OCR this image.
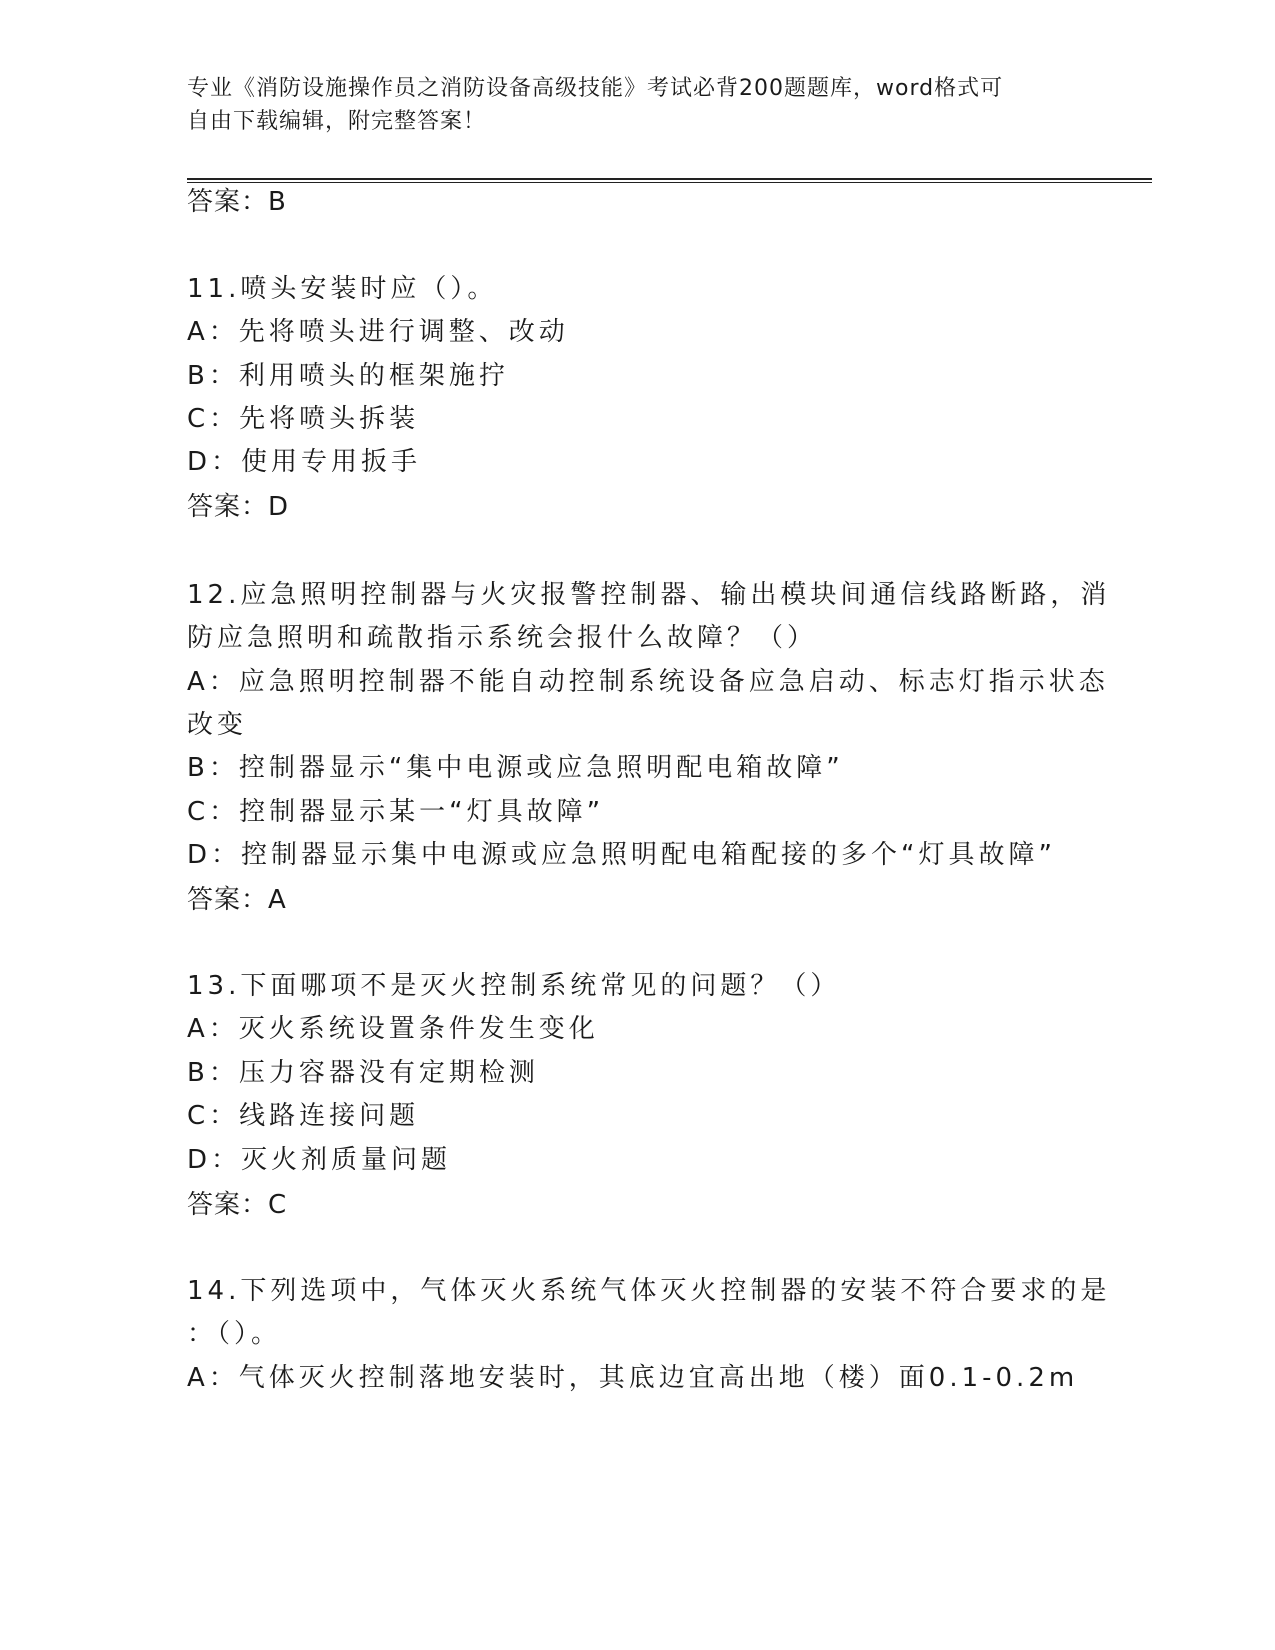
专业《消防设施操作员之消防设备高级技能》考试必背200题题库，word格式可
自由下载编辑，附完整答案！
答案：B
11.喷头安装时应（）。
A：先将喷头进行调整、改动
B：利用喷头的框架施拧
C：先将喷头拆装
D：使用专用扳手
答案：D
12.应急照明控制器与火灾报警控制器、输出模块间通信线路断路，消
防应急照明和疏散指示系统会报什么故障？（）
A：应急照明控制器不能自动控制系统设备应急启动、标志灯指示状态
改变
B：控制器显示“集中电源或应急照明配电箱故障”
C：控制器显示某一“灯具故障”
D：控制器显示集中电源或应急照明配电箱配接的多个“灯具故障”
答案：A
13.下面哪项不是灭火控制系统常见的问题？（）
A：灭火系统设置条件发生变化
B：压力容器没有定期检测
C：线路连接问题
D：灭火剂质量问题
答案：C
14.下列选项中，气体灭火系统气体灭火控制器的安装不符合要求的是
：（）。
A：气体灭火控制落地安装时，其底边宜高出地（楼）面0.1-0.2m
